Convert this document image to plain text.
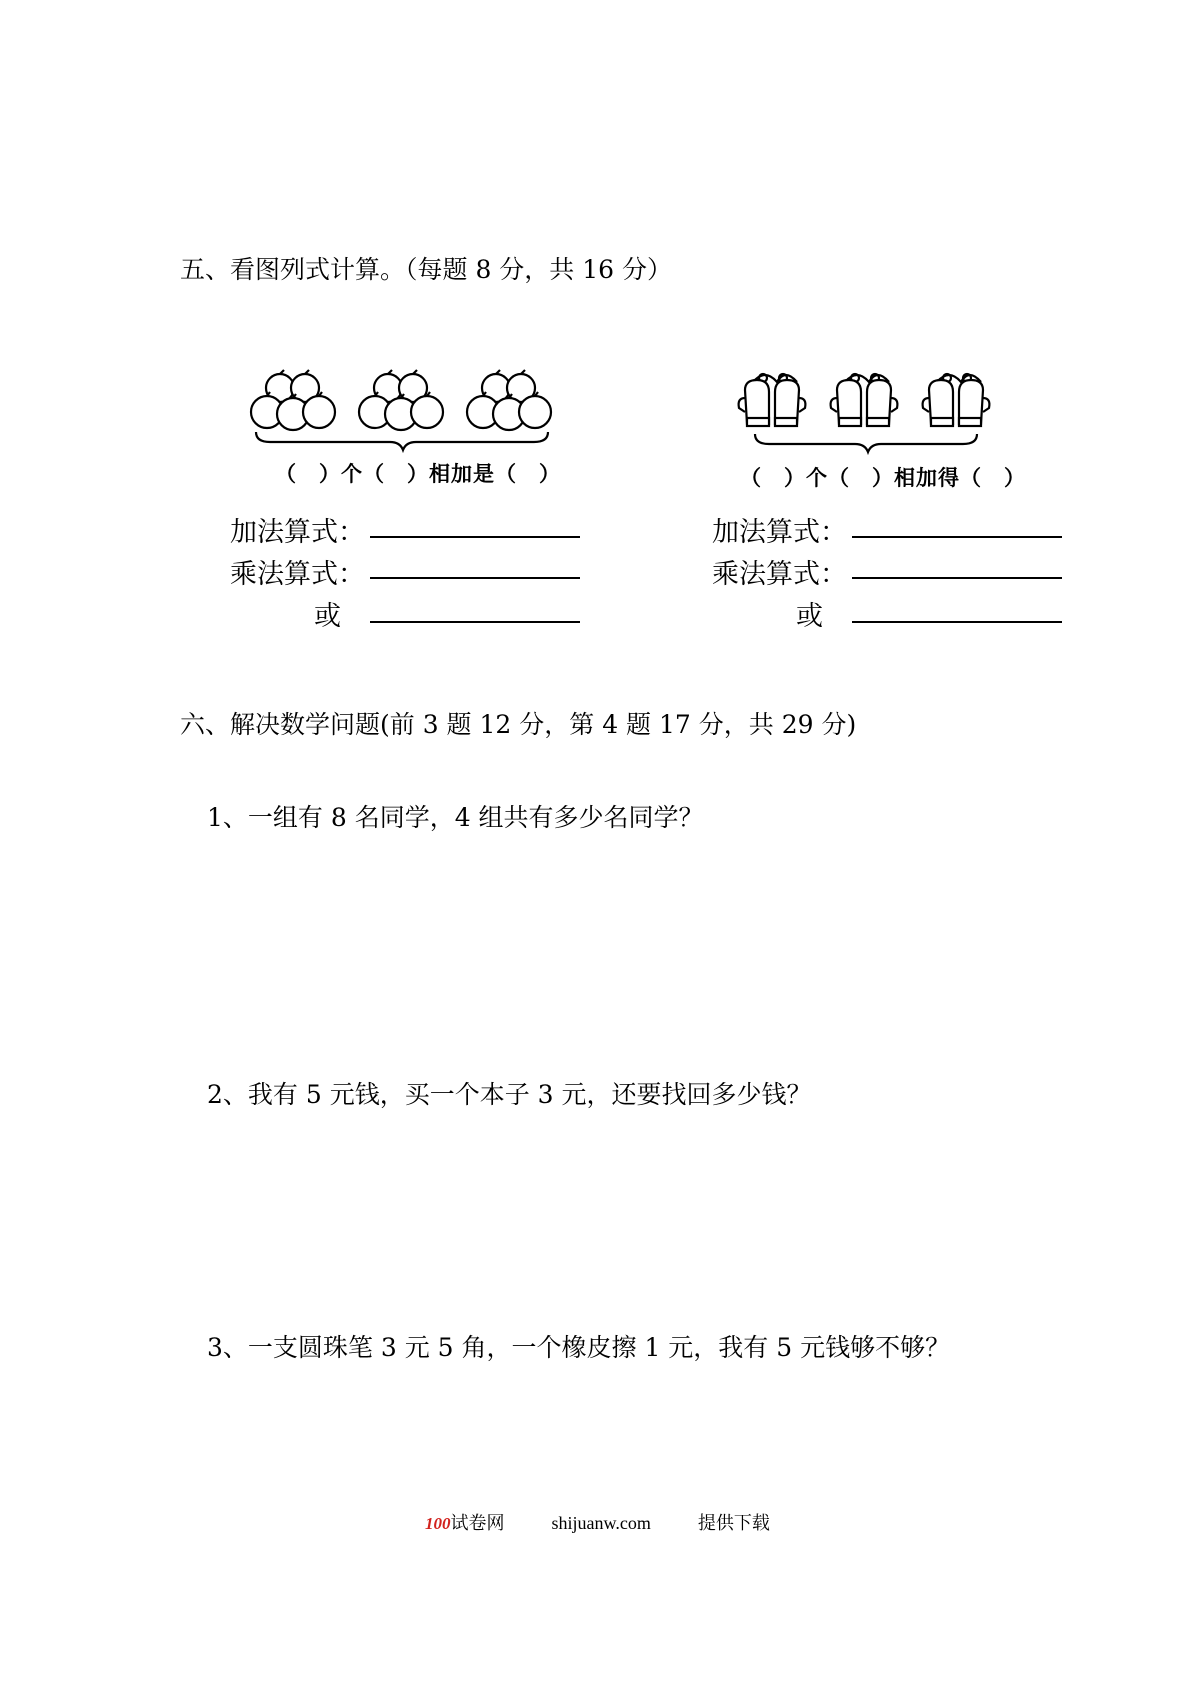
五、看图列式计算。（每题 8 分，共 16 分）
（　）个（　）相加是（　）	（　）个（　）相加得（　）
加法算式：
乘法算式：
或
加法算式：
乘法算式：
或
六、解决数学问题(前 3 题 12 分，第 4 题 17 分，共 29 分)
1、一组有 8 名同学，4 组共有多少名同学？
2、我有 5 元钱，买一个本子 3 元，还要找回多少钱？
3、一支圆珠笔 3 元 5 角，一个橡皮擦 1 元，我有 5 元钱够不够？
100试卷网	shijuanw.com	提供下载
